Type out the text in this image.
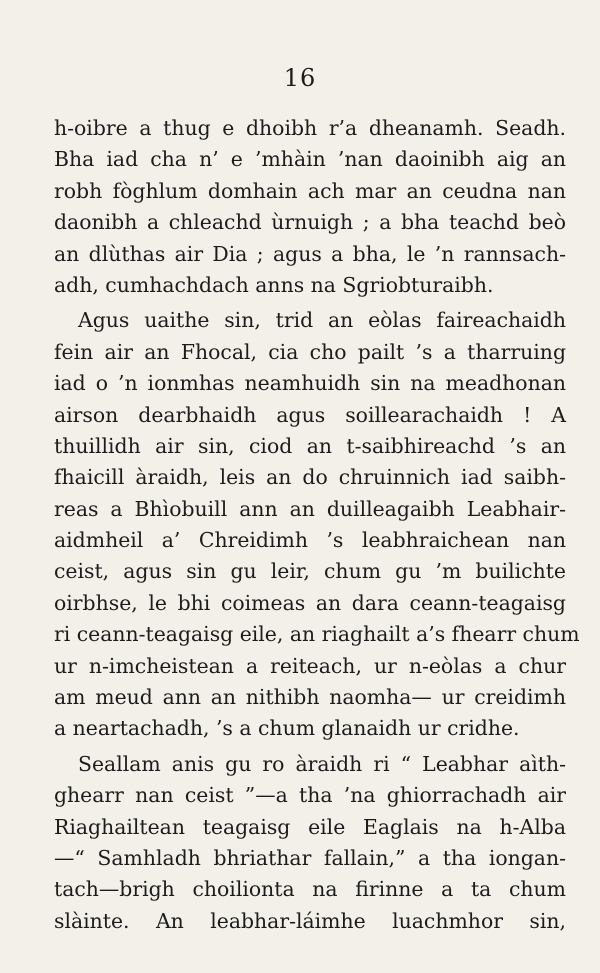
16
h-oibre a thug e dhoibh r’a dheanamh. Seadh.
Bha iad cha n’ e ’mhàin ’nan daoinibh aig an
robh fòghlum domhain ach mar an ceudna nan
daonibh a chleachd ùrnuigh ; a bha teachd beò
an dlùthas air Dia ; agus a bha, le ’n rannsach-
adh, cumhachdach anns na Sgriobturaibh.
Agus uaithe sin, trid an eòlas faireachaidh
fein air an Fhocal, cia cho pailt ’s a tharruing
iad o ’n ionmhas neamhuidh sin na meadhonan
airson dearbhaidh agus soillearachaidh ! A
thuillidh air sin, ciod an t-saibhireachd ’s an
fhaicill àraidh, leis an do chruinnich iad saibh-
reas a Bhìobuill ann an duilleagaibh Leabhair-
aidmheil a’ Chreidimh ’s leabhraichean nan
ceist, agus sin gu leir, chum gu ’m builichte
oirbhse, le bhi coimeas an dara ceann-teagaisg
ri ceann-teagaisg eile, an riaghailt a’s fhearr chum
ur n-imcheistean a reiteach, ur n-eòlas a chur
am meud ann an nithibh naomha— ur creidimh
a neartachadh, ’s a chum glanaidh ur cridhe.
Seallam anis gu ro àraidh ri “ Leabhar aìth-
ghearr nan ceist ”—a tha ’na ghiorrachadh air
Riaghailtean teagaisg eile Eaglais na h-Alba
—“ Samhladh bhriathar fallain,” a tha iongan-
tach—brigh choilionta na firinne a ta chum
slàinte. An leabhar-láimhe luachmhor sin,
